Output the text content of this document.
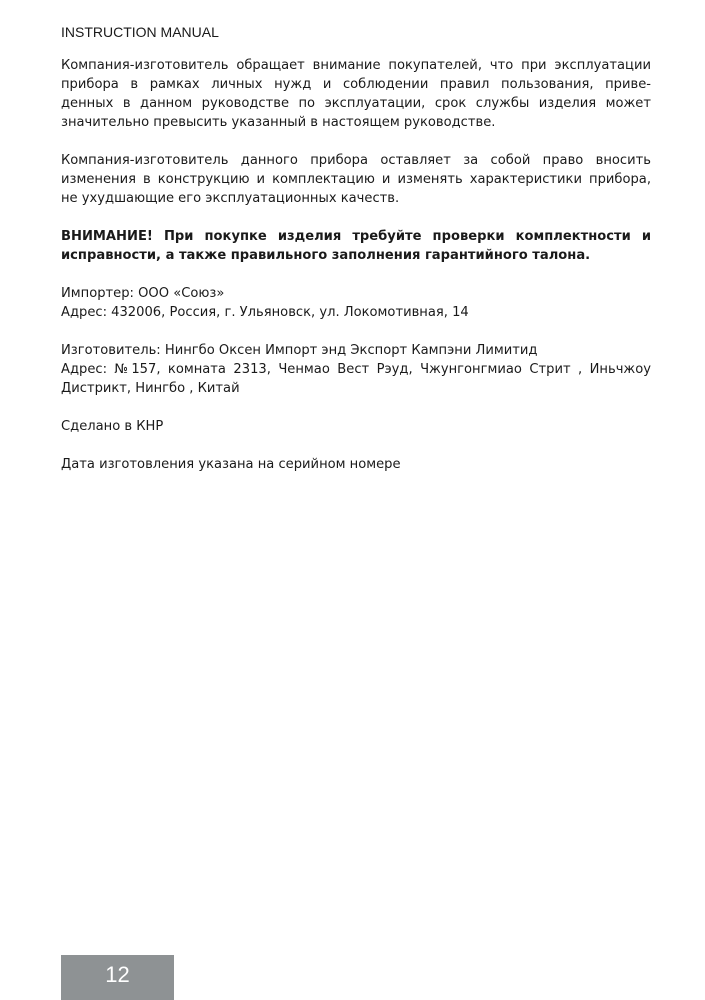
INSTRUCTION MANUAL
Компания-изготовитель обращает внимание покупателей, что при эксплуатации
прибора в рамках личных нужд и соблюдении правил пользования, приве-
денных в данном руководстве по эксплуатации, срок службы изделия может
значительно превысить указанный в настоящем руководстве.
Компания-изготовитель данного прибора оставляет за собой право вносить
изменения в конструкцию и комплектацию и изменять характеристики прибора,
не ухудшающие его эксплуатационных качеств.
ВНИМАНИЕ! При покупке изделия требуйте проверки комплектности и
исправности, а также правильного заполнения гарантийного талона.
Импортер: ООО «Союз»
Адрес: 432006, Россия, г. Ульяновск, ул. Локомотивная, 14
Изготовитель: Нингбо Оксен Импорт энд Экспорт Кампэни Лимитид
Адрес: №157, комната 2313, Ченмао Вест Рэуд, Чжунгонгмиао Стрит , Иньчжоу
Дистрикт, Нингбо , Китай
Сделано в КНР
Дата изготовления указана на серийном номере
12
